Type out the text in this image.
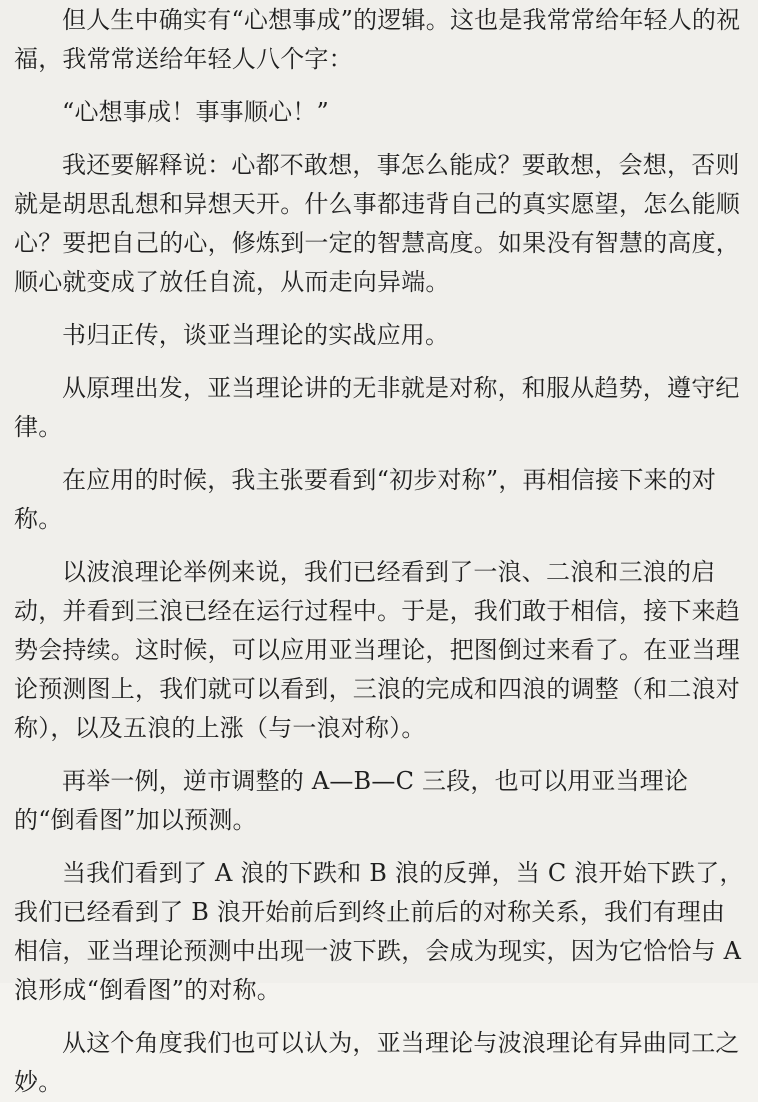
但人生中确实有“心想事成”的逻辑。这也是我常常给年轻人的祝福，我常常送给年轻人八个字：

“心想事成！事事顺心！”

我还要解释说：心都不敢想，事怎么能成？要敢想，会想，否则就是胡思乱想和异想天开。什么事都违背自己的真实愿望，怎么能顺心？要把自己的心，修炼到一定的智慧高度。如果没有智慧的高度，顺心就变成了放任自流，从而走向异端。

书归正传，谈亚当理论的实战应用。

从原理出发，亚当理论讲的无非就是对称，和服从趋势，遵守纪律。

在应用的时候，我主张要看到“初步对称”，再相信接下来的对称。

以波浪理论举例来说，我们已经看到了一浪、二浪和三浪的启动，并看到三浪已经在运行过程中。于是，我们敢于相信，接下来趋势会持续。这时候，可以应用亚当理论，把图倒过来看了。在亚当理论预测图上，我们就可以看到，三浪的完成和四浪的调整（和二浪对称），以及五浪的上涨（与一浪对称）。

再举一例，逆市调整的 A—B—C 三段，也可以用亚当理论的“倒看图”加以预测。

当我们看到了 A 浪的下跌和 B 浪的反弹，当 C 浪开始下跌了，我们已经看到了 B 浪开始前后到终止前后的对称关系，我们有理由相信，亚当理论预测中出现一波下跌，会成为现实，因为它恰恰与 A 浪形成“倒看图”的对称。

从这个角度我们也可以认为，亚当理论与波浪理论有异曲同工之妙。
